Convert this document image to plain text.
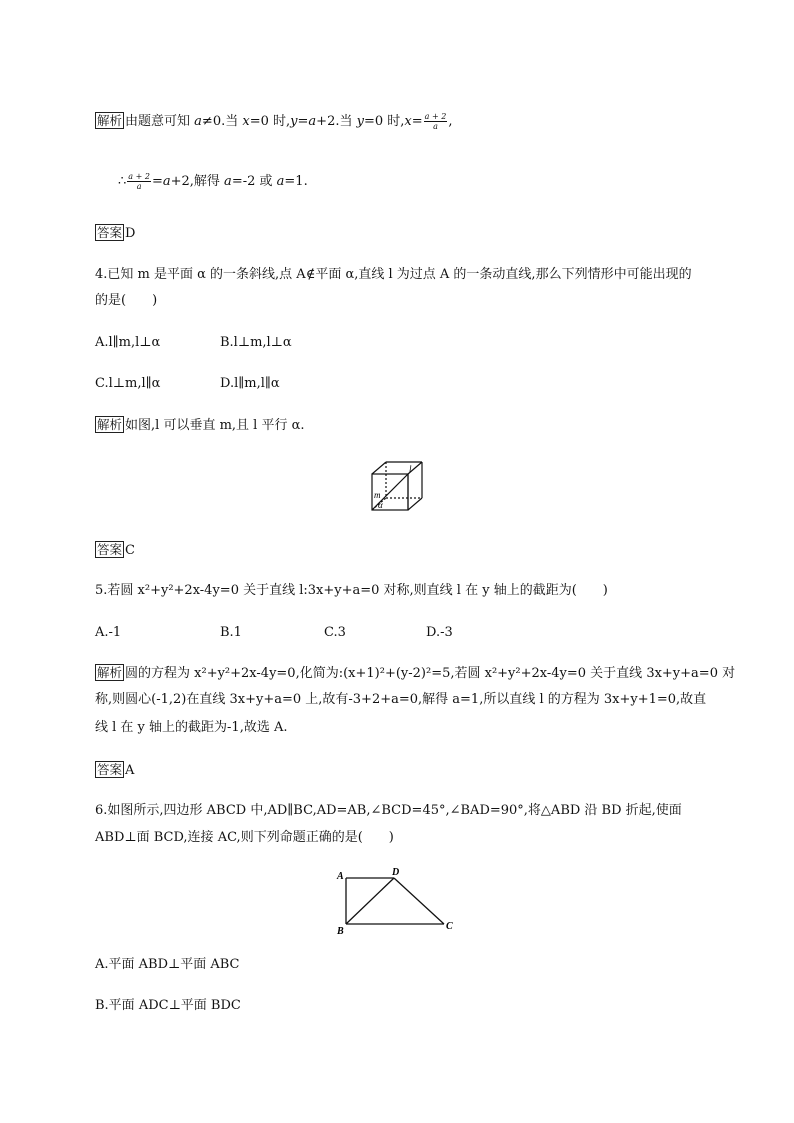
解析 由题意可知 a≠0.当 x=0 时,y=a+2.当 y=0 时$,x= \frac{a + 2}{a}$ ,
∴ $\frac{a + 2}{a} =a+2$,解得 a=-2 或 a=1.
答案 D
4.已知 m 是平面 α 的一条斜线,点 A∉平面 α,直线 l 为过点 A 的一条动直线,那么下列情形中可能出现的
的是(　　)
A.l∥m,l⊥α	B.l⊥m,l⊥α
C.l⊥m,l∥α	D.l∥m,l∥α
解析 如图,l 可以垂直 m,且 l 平行 α.
l
m
α
答案 C
5.若圆 x²+y²+2x-4y=0 关于直线 l:3x+y+a=0 对称,则直线 l 在 y 轴上的截距为(　　)
A.-1	B.1	C.3	D.-3
解析 圆的方程为 x²+y²+2x-4y=0,化简为:(x+1)²+(y-2)²=5,若圆 x²+y²+2x-4y=0 关于直线 3x+y+a=0 对
称,则圆心(-1,2)在直线 3x+y+a=0 上,故有-3+2+a=0,解得 a=1,所以直线 l 的方程为 3x+y+1=0,故直
线 l 在 y 轴上的截距为-1,故选 A.
答案 A
6.如图所示,四边形 ABCD 中,AD∥BC,AD=AB,∠BCD=45°,∠BAD=90°,将△ABD 沿 BD 折起,使面
ABD⊥面 BCD,连接 AC,则下列命题正确的是(　　)
A	D
B	C
A.平面 ABD⊥平面 ABC
B.平面 ADC⊥平面 BDC
